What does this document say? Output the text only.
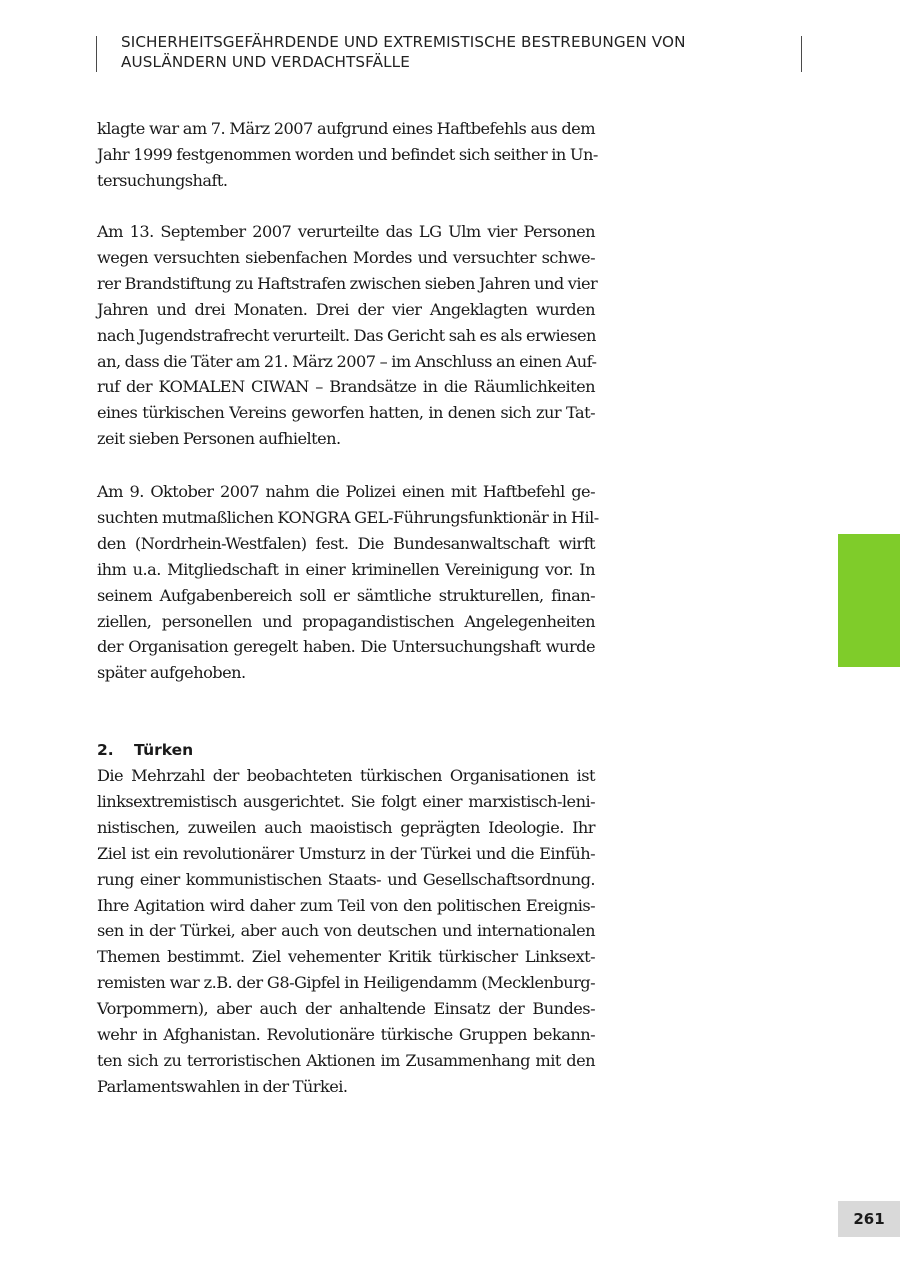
SICHERHEITSGEFÄHRDENDE UND EXTREMISTISCHE BESTREBUNGEN VON
AUSLÄNDERN UND VERDACHTSFÄLLE
klagte war am 7. März 2007 aufgrund eines Haftbefehls aus dem
Jahr 1999 festgenommen worden und befindet sich seither in Un-
tersuchungshaft.
Am 13. September 2007 verurteilte das LG Ulm vier Personen
wegen versuchten siebenfachen Mordes und versuchter schwe-
rer Brandstiftung zu Haftstrafen zwischen sieben Jahren und vier
Jahren und drei Monaten. Drei der vier Angeklagten wurden
nach Jugendstrafrecht verurteilt. Das Gericht sah es als erwiesen
an, dass die Täter am 21. März 2007 – im Anschluss an einen Auf-
ruf der KOMALEN CIWAN – Brandsätze in die Räumlichkeiten
eines türkischen Vereins geworfen hatten, in denen sich zur Tat-
zeit sieben Personen aufhielten.
Am 9. Oktober 2007 nahm die Polizei einen mit Haftbefehl ge-
suchten mutmaßlichen KONGRA GEL-Führungsfunktionär in Hil-
den (Nordrhein-Westfalen) fest. Die Bundesanwaltschaft wirft
ihm u.a. Mitgliedschaft in einer kriminellen Vereinigung vor. In
seinem Aufgabenbereich soll er sämtliche strukturellen, finan-
ziellen, personellen und propagandistischen Angelegenheiten
der Organisation geregelt haben. Die Untersuchungshaft wurde
später aufgehoben.
2. Türken
Die Mehrzahl der beobachteten türkischen Organisationen ist
linksextremistisch ausgerichtet. Sie folgt einer marxistisch-leni-
nistischen, zuweilen auch maoistisch geprägten Ideologie. Ihr
Ziel ist ein revolutionärer Umsturz in der Türkei und die Einfüh-
rung einer kommunistischen Staats- und Gesellschaftsordnung.
Ihre Agitation wird daher zum Teil von den politischen Ereignis-
sen in der Türkei, aber auch von deutschen und internationalen
Themen bestimmt. Ziel vehementer Kritik türkischer Linksext-
remisten war z.B. der G8-Gipfel in Heiligendamm (Mecklenburg-
Vorpommern), aber auch der anhaltende Einsatz der Bundes-
wehr in Afghanistan. Revolutionäre türkische Gruppen bekann-
ten sich zu terroristischen Aktionen im Zusammenhang mit den
Parlamentswahlen in der Türkei.
261
